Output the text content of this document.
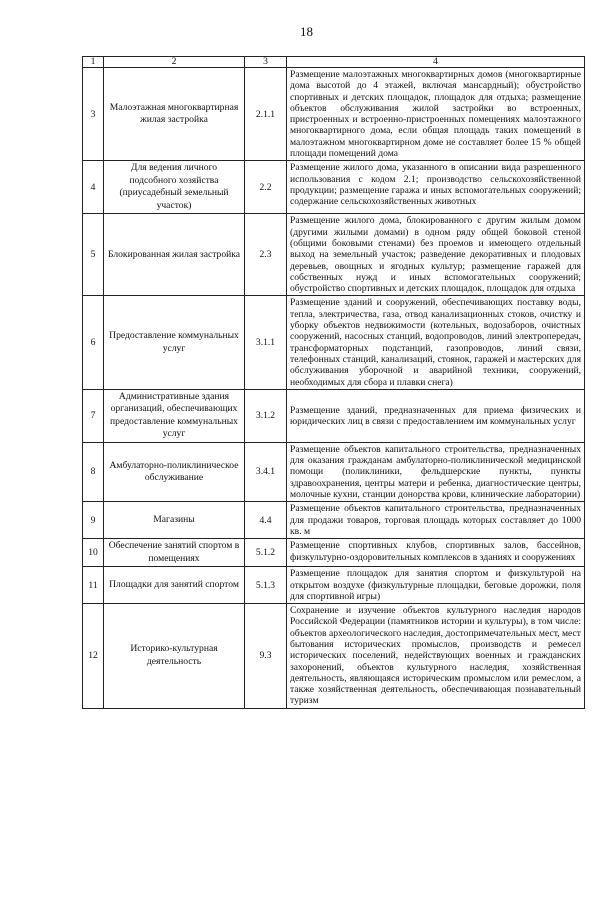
18
1	2	3	4
3	Малоэтажная многоквартирная жилая застройка	2.1.1	Размещение малоэтажных многоквартирных домов (многоквартирные дома высотой до 4 этажей, включая мансардный); обустройство спортивных и детских площадок, площадок для отдыха; размещение объектов обслуживания жилой застройки во встроенных, пристроенных и встроенно-пристроенных помещениях малоэтажного многоквартирного дома, если общая площадь таких помещений в малоэтажном многоквартирном доме не составляет более 15 % общей площади помещений дома
4	Для ведения личного подсобного хозяйства (приусадебный земельный участок)	2.2	Размещение жилого дома, указанного в описании вида разрешенного использования с кодом 2.1; производство сельскохозяйственной продукции; размещение гаража и иных вспомогательных сооружений; содержание сельскохозяйственных животных
5	Блокированная жилая застройка	2.3	Размещение жилого дома, блокированного с другим жилым домом (другими жилыми домами) в одном ряду общей боковой стеной (общими боковыми стенами) без проемов и имеющего отдельный выход на земельный участок; разведение декоративных и плодовых деревьев, овощных и ягодных культур; размещение гаражей для собственных нужд и иных вспомогательных сооружений; обустройство спортивных и детских площадок, площадок для отдыха
6	Предоставление коммунальных услуг	3.1.1	Размещение зданий и сооружений, обеспечивающих поставку воды, тепла, электричества, газа, отвод канализационных стоков, очистку и уборку объектов недвижимости (котельных, водозаборов, очистных сооружений, насосных станций, водопроводов, линий электропередач, трансформаторных подстанций, газопроводов, линий связи, телефонных станций, канализаций, стоянок, гаражей и мастерских для обслуживания уборочной и аварийной техники, сооружений, необходимых для сбора и плавки снега)
7	Административные здания организаций, обеспечивающих предоставление коммунальных услуг	3.1.2	Размещение зданий, предназначенных для приема физических и юридических лиц в связи с предоставлением им коммунальных услуг
8	Амбулаторно-поликлиническое обслуживание	3.4.1	Размещение объектов капитального строительства, предназначенных для оказания гражданам амбулаторно-поликлинической медицинской помощи (поликлиники, фельдшерские пункты, пункты здравоохранения, центры матери и ребенка, диагностические центры, молочные кухни, станции донорства крови, клинические лаборатории)
9	Магазины	4.4	Размещение объектов капитального строительства, предназначенных для продажи товаров, торговая площадь которых составляет до 1000 кв. м
10	Обеспечение занятий спортом в помещениях	5.1.2	Размещение спортивных клубов, спортивных залов, бассейнов, физкультурно-оздоровительных комплексов в зданиях и сооружениях
11	Площадки для занятий спортом	5.1.3	Размещение площадок для занятия спортом и физкультурой на открытом воздухе (физкультурные площадки, беговые дорожки, поля для спортивной игры)
12	Историко-культурная деятельность	9.3	Сохранение и изучение объектов культурного наследия народов Российской Федерации (памятников истории и культуры), в том числе: объектов археологического наследия, достопримечательных мест, мест бытования исторических промыслов, производств и ремесел исторических поселений, недействующих военных и гражданских захоронений, объектов культурного наследия, хозяйственная деятельность, являющаяся историческим промыслом или ремеслом, а также хозяйственная деятельность, обеспечивающая познавательный туризм
